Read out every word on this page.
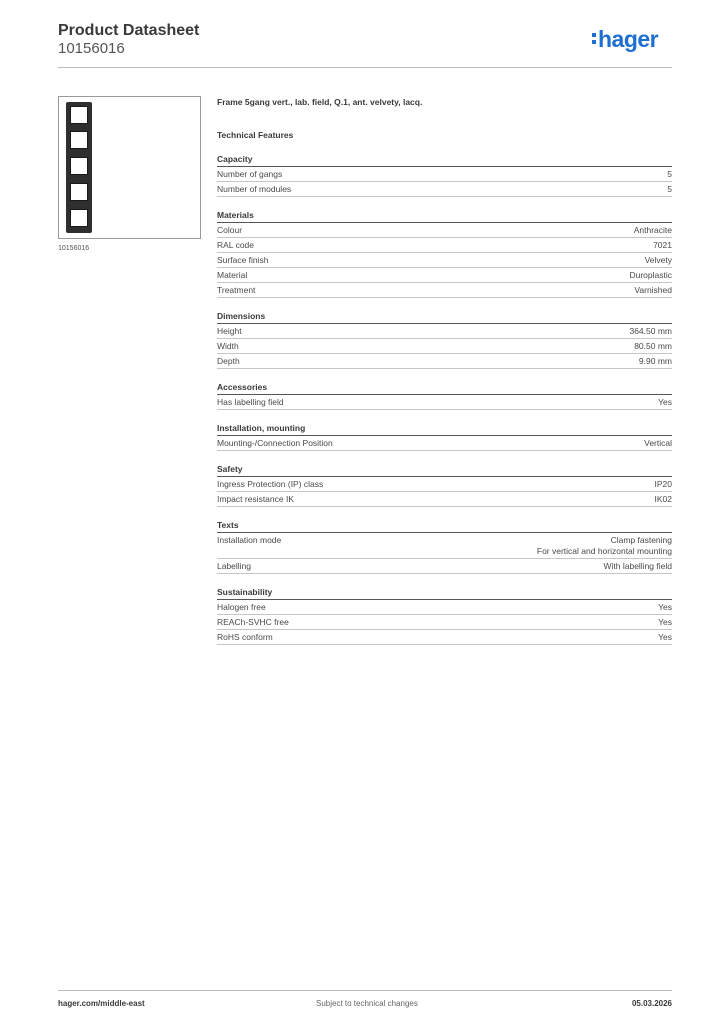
Product Datasheet
10156016	hager
10156016
Frame 5gang vert., lab. field, Q.1, ant. velvety, lacq.
Technical Features
Capacity
Number of gangs	5
Number of modules	5
Materials
Colour	Anthracite
RAL code	7021
Surface finish	Velvety
Material	Duroplastic
Treatment	Varnished
Dimensions
Height	364.50 mm
Width	80.50 mm
Depth	9.90 mm
Accessories
Has labelling field	Yes
Installation, mounting
Mounting-/Connection Position	Vertical
Safety
Ingress Protection (IP) class	IP20
Impact resistance IK	IK02
Texts
Installation mode	Clamp fastening
For vertical and horizontal mounting
Labelling	With labelling field
Sustainability
Halogen free	Yes
REACh-SVHC free	Yes
RoHS conform	Yes
hager.com/middle-east	Subject to technical changes	05.03.2026
